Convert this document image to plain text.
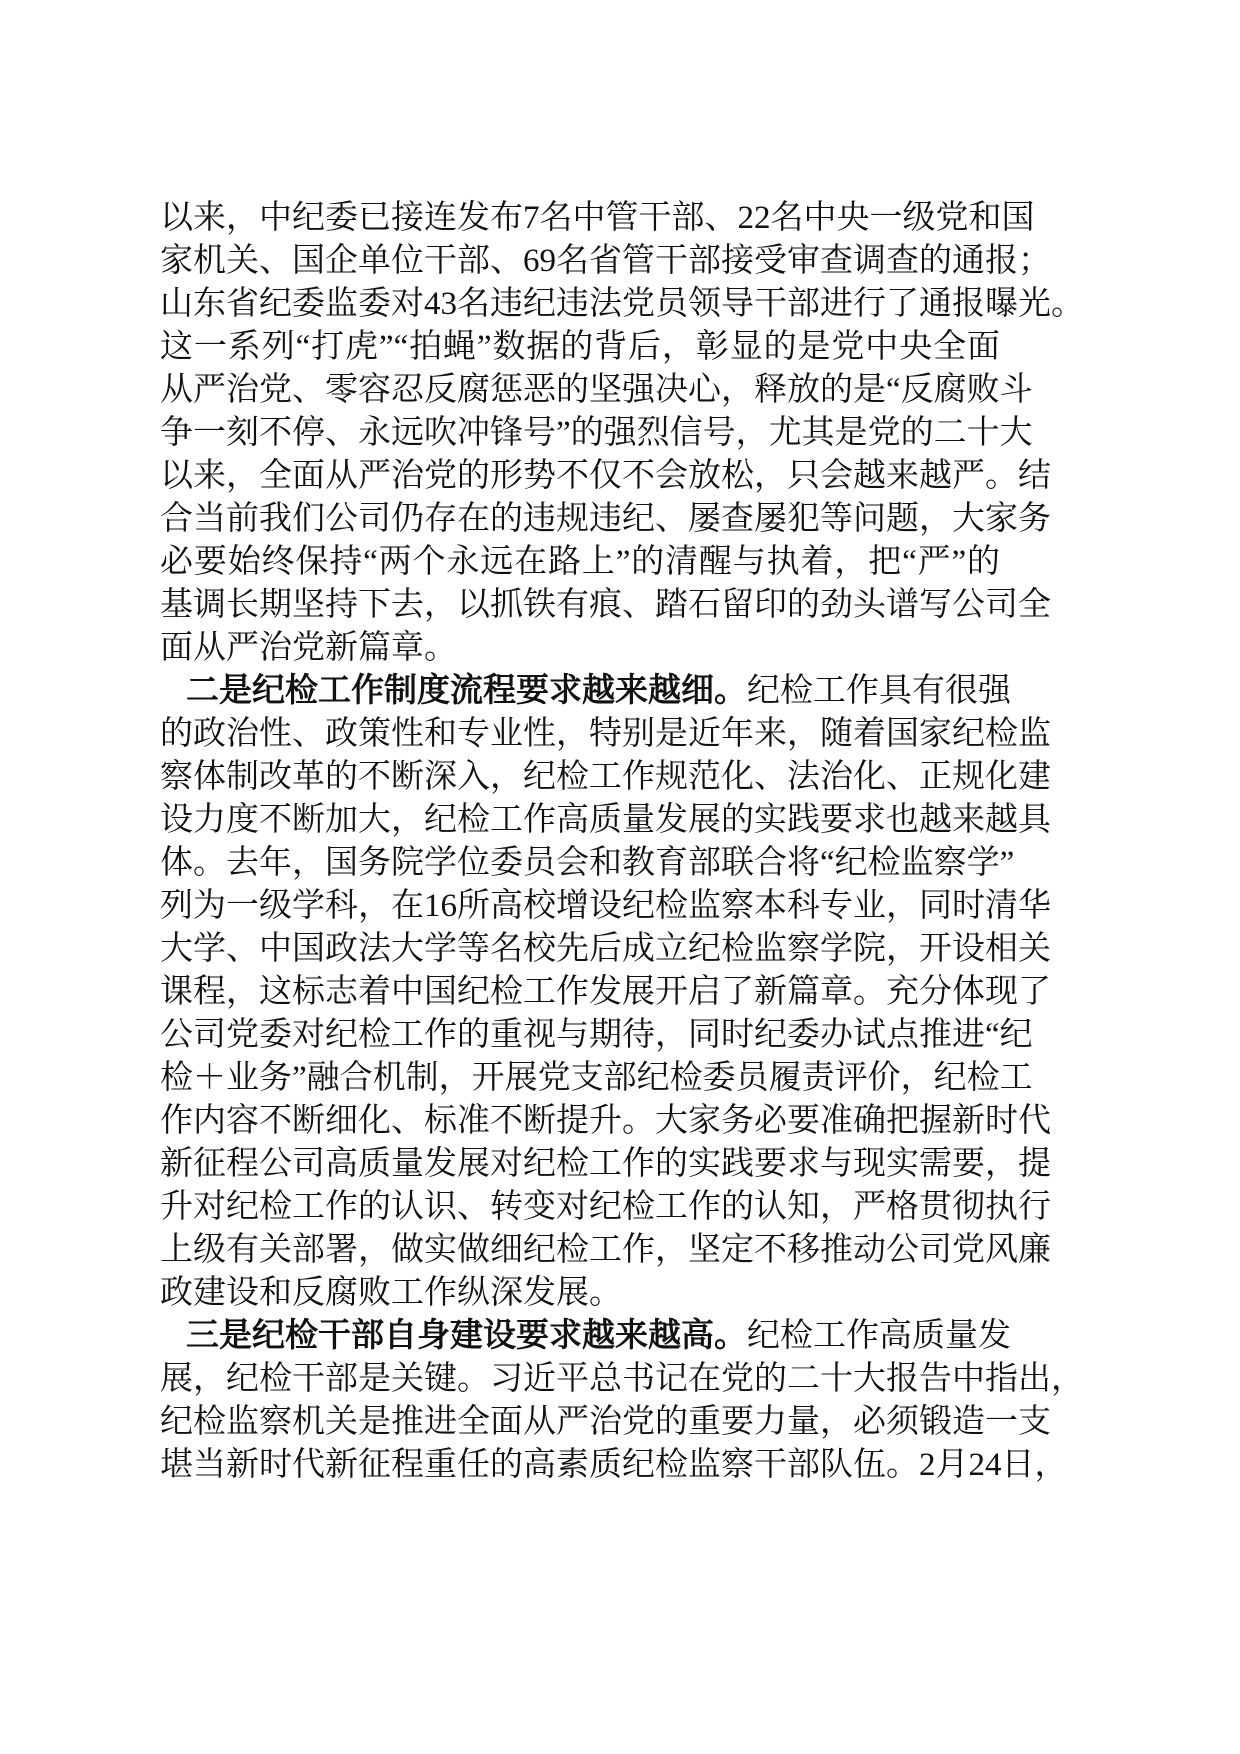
以来，中纪委已接连发布7名中管干部、22名中央一级党和国
家机关、国企单位干部、69名省管干部接受审查调查的通报；
山东省纪委监委对43名违纪违法党员领导干部进行了通报曝光。
这一系列“打虎”“拍蝇”数据的背后，彰显的是党中央全面
从严治党、零容忍反腐惩恶的坚强决心，释放的是“反腐败斗
争一刻不停、永远吹冲锋号”的强烈信号，尤其是党的二十大
以来，全面从严治党的形势不仅不会放松，只会越来越严。结
合当前我们公司仍存在的违规违纪、屡查屡犯等问题，大家务
必要始终保持“两个永远在路上”的清醒与执着，把“严”的
基调长期坚持下去，以抓铁有痕、踏石留印的劲头谱写公司全
面从严治党新篇章。
二是纪检工作制度流程要求越来越细。纪检工作具有很强
的政治性、政策性和专业性，特别是近年来，随着国家纪检监
察体制改革的不断深入，纪检工作规范化、法治化、正规化建
设力度不断加大，纪检工作高质量发展的实践要求也越来越具
体。去年，国务院学位委员会和教育部联合将“纪检监察学”
列为一级学科，在16所高校增设纪检监察本科专业，同时清华
大学、中国政法大学等名校先后成立纪检监察学院，开设相关
课程，这标志着中国纪检工作发展开启了新篇章。充分体现了
公司党委对纪检工作的重视与期待，同时纪委办试点推进“纪
检＋业务”融合机制，开展党支部纪检委员履责评价，纪检工
作内容不断细化、标准不断提升。大家务必要准确把握新时代
新征程公司高质量发展对纪检工作的实践要求与现实需要，提
升对纪检工作的认识、转变对纪检工作的认知，严格贯彻执行
上级有关部署，做实做细纪检工作，坚定不移推动公司党风廉
政建设和反腐败工作纵深发展。
三是纪检干部自身建设要求越来越高。纪检工作高质量发
展，纪检干部是关键。习近平总书记在党的二十大报告中指出，
纪检监察机关是推进全面从严治党的重要力量，必须锻造一支
堪当新时代新征程重任的高素质纪检监察干部队伍。2月24日，
